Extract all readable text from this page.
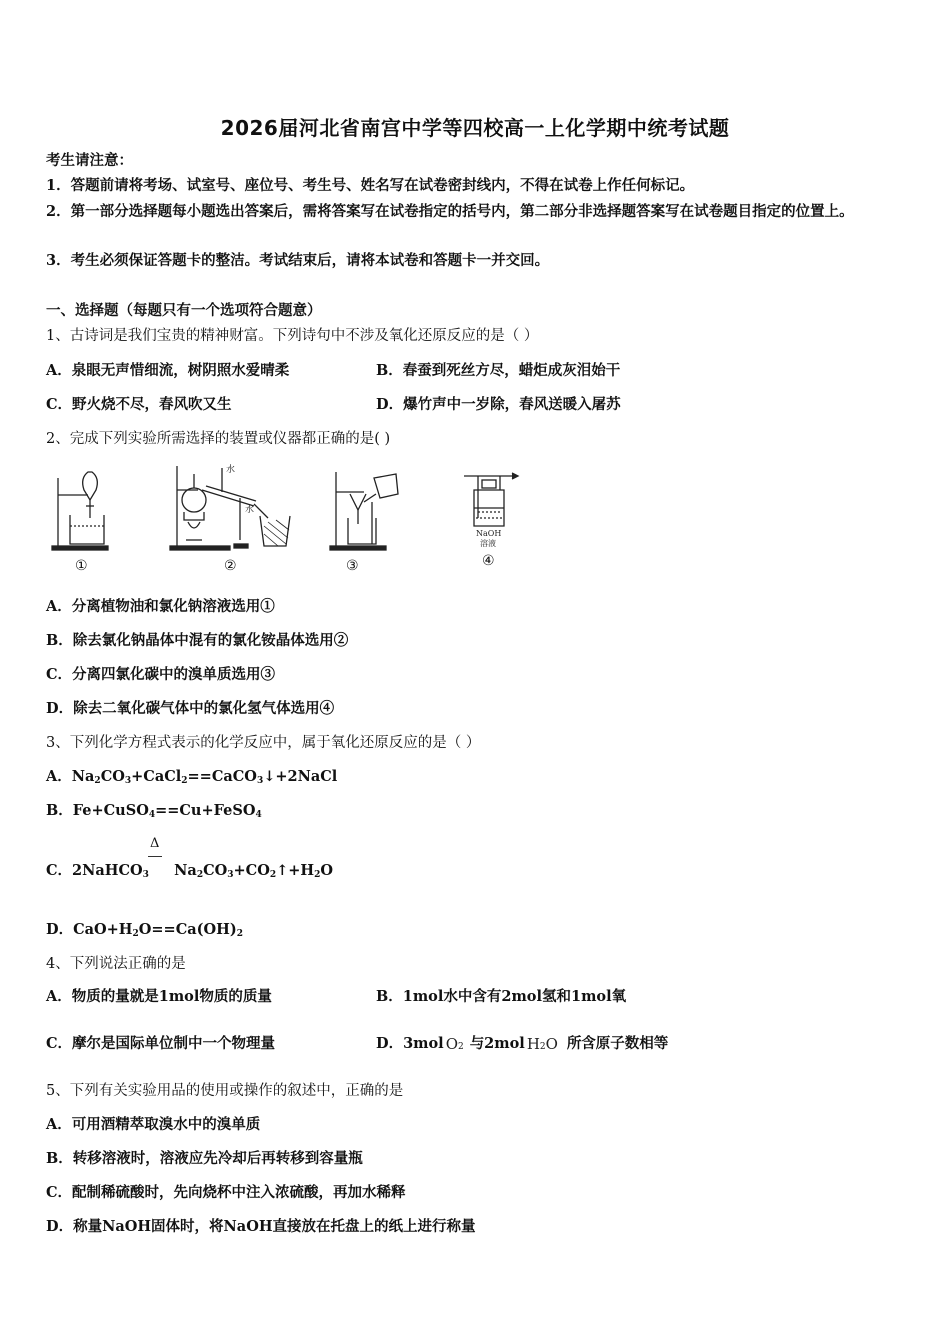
2026届河北省南宫中学等四校高一上化学期中统考试题
考生请注意：
1．答题前请将考场、试室号、座位号、考生号、姓名写在试卷密封线内，不得在试卷上作任何标记。
2．第一部分选择题每小题选出答案后，需将答案写在试卷指定的括号内，第二部分非选择题答案写在试卷题目指定的位置上。
3．考生必须保证答题卡的整洁。考试结束后，请将本试卷和答题卡一并交回。
一、选择题（每题只有一个选项符合题意）
1、古诗词是我们宝贵的精神财富。下列诗句中不涉及氧化还原反应的是（ ）
A．泉眼无声惜细流，树阴照水爱晴柔	B．春蚕到死丝方尽，蜡炬成灰泪始干
C．野火烧不尽，春风吹又生	D．爆竹声中一岁除，春风送暖入屠苏
2、完成下列实验所需选择的装置或仪器都正确的是( )
水
水
NaOH
溶液
①	②	③	④
A．分离植物油和氯化钠溶液选用①
B．除去氯化钠晶体中混有的氯化铵晶体选用②
C．分离四氯化碳中的溴单质选用③
D．除去二氧化碳气体中的氯化氢气体选用④
3、下列化学方程式表示的化学反应中，属于氧化还原反应的是（ ）
A．$Na_2CO_3+CaCl_2==CaCO_3↓+2NaCl$
B．Fe+CuSO$_4$==Cu+FeSO$_4$
Δ
C．2NaHCO$_3$     $Na_2CO_3+CO_2↑+H_2O$
D．$CaO+H_2O==Ca(OH)_2$
4、下列说法正确的是
A．物质的量就是1mol物质的质量	B．1mol水中含有2mol氢和1mol氧
C．摩尔是国际单位制中一个物理量	D．3mol O2 与2mol H2O 所含原子数相等
5、下列有关实验用品的使用或操作的叙述中，正确的是
A．可用酒精萃取溴水中的溴单质
B．转移溶液时，溶液应先冷却后再转移到容量瓶
C．配制稀硫酸时，先向烧杯中注入浓硫酸，再加水稀释
D．称量NaOH固体时，将NaOH直接放在托盘上的纸上进行称量
